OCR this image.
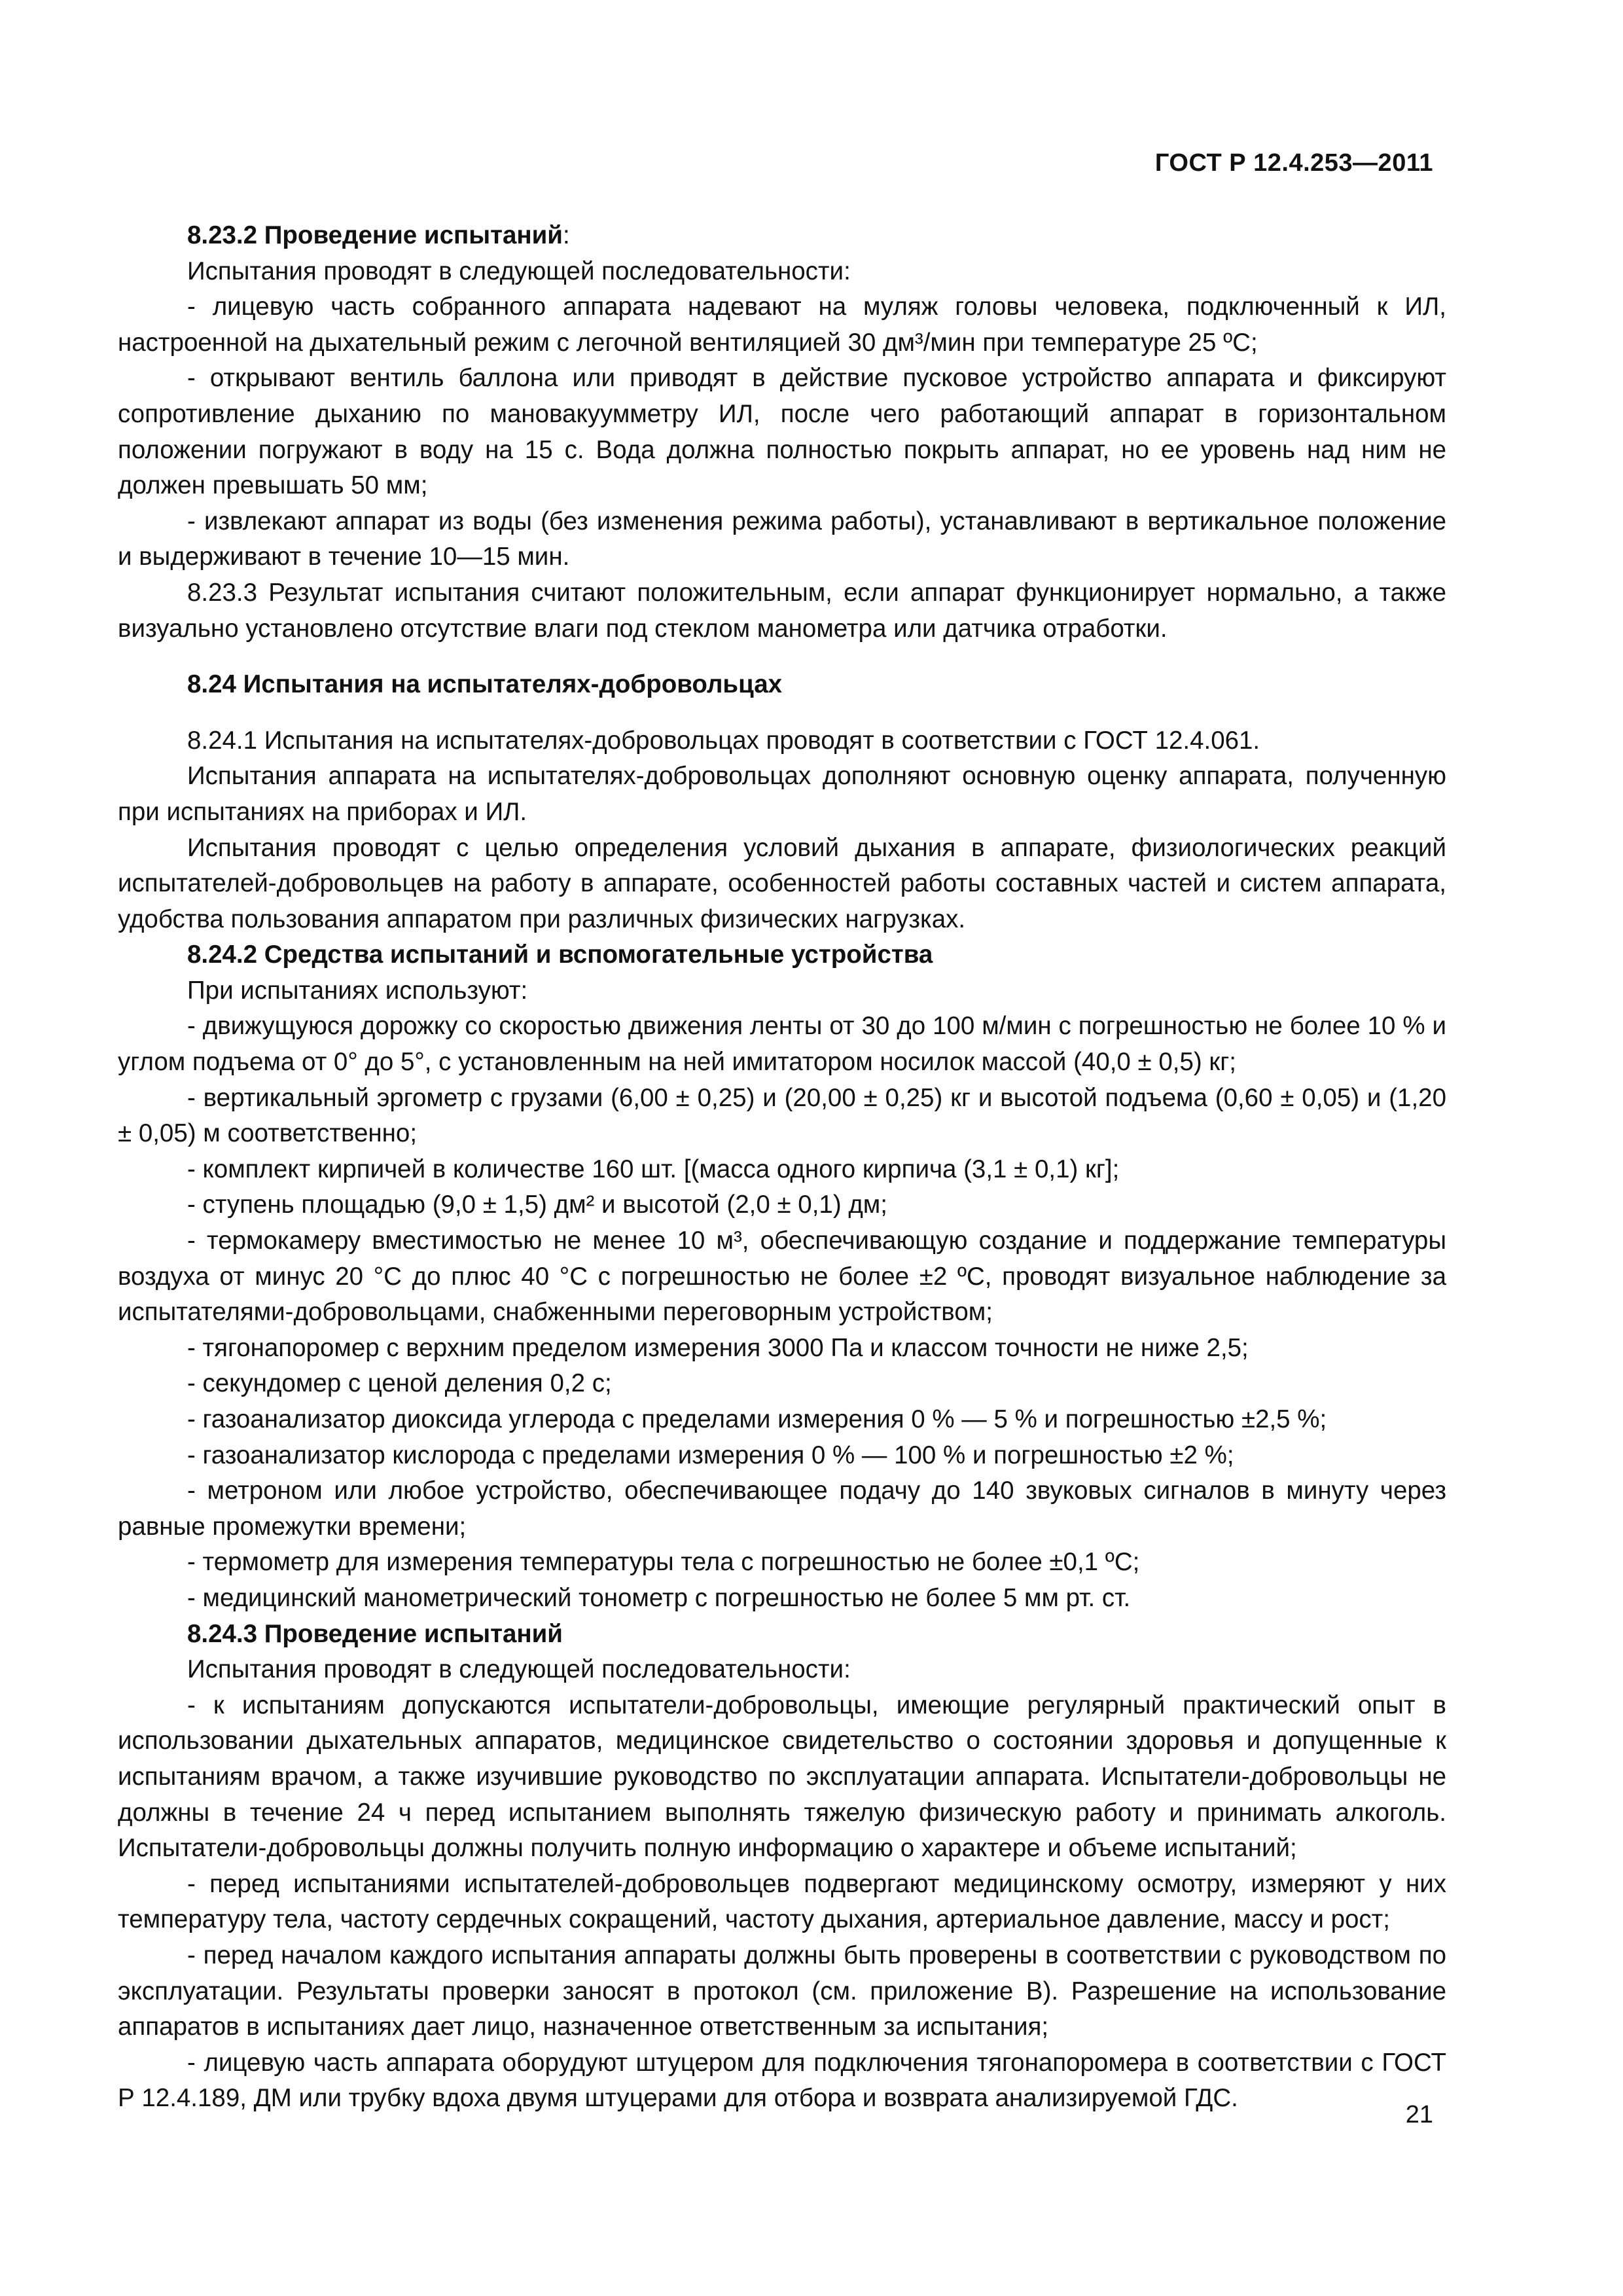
ГОСТ Р 12.4.253—2011

8.23.2 Проведение испытаний:

Испытания проводят в следующей последовательности:

- лицевую часть собранного аппарата надевают на муляж головы человека, подключенный к ИЛ, настроенной на дыхательный режим с легочной вентиляцией 30 дм³/мин при температуре 25 ºС;

- открывают вентиль баллона или приводят в действие пусковое устройство аппарата и фиксируют сопротивление дыханию по мановакуумметру ИЛ, после чего работающий аппарат в горизонтальном положении погружают в воду на 15 с. Вода должна полностью покрыть аппарат, но ее уровень над ним не должен превышать 50 мм;

- извлекают аппарат из воды (без изменения режима работы), устанавливают в вертикальное положение и выдерживают в течение 10—15 мин.

8.23.3 Результат испытания считают положительным, если аппарат функционирует нормально, а также визуально установлено отсутствие влаги под стеклом манометра или датчика отработки.

8.24 Испытания на испытателях-добровольцах

8.24.1 Испытания на испытателях-добровольцах проводят в соответствии с ГОСТ 12.4.061.

Испытания аппарата на испытателях-добровольцах дополняют основную оценку аппарата, полученную при испытаниях на приборах и ИЛ.

Испытания проводят с целью определения условий дыхания в аппарате, физиологических реакций испытателей-добровольцев на работу в аппарате, особенностей работы составных частей и систем аппарата, удобства пользования аппаратом при различных физических нагрузках.

8.24.2 Средства испытаний и вспомогательные устройства

При испытаниях используют:

- движущуюся дорожку со скоростью движения ленты от 30 до 100 м/мин с погрешностью не более 10 % и углом подъема от 0° до 5°, с установленным на ней имитатором носилок массой (40,0 ± 0,5) кг;

- вертикальный эргометр с грузами (6,00 ± 0,25) и (20,00 ± 0,25) кг и высотой подъема (0,60 ± 0,05) и (1,20 ± 0,05) м соответственно;

- комплект кирпичей в количестве 160 шт. [(масса одного кирпича (3,1 ± 0,1) кг];

- ступень площадью (9,0 ± 1,5) дм² и высотой (2,0 ± 0,1) дм;

- термокамеру вместимостью не менее 10 м³, обеспечивающую создание и поддержание температуры воздуха от минус 20 °С до плюс 40 °С с погрешностью не более ±2 ºС, проводят визуальное наблюдение за испытателями-добровольцами, снабженными переговорным устройством;

- тягонапоромер с верхним пределом измерения 3000 Па и классом точности не ниже 2,5;

- секундомер с ценой деления 0,2 с;

- газоанализатор диоксида углерода с пределами измерения 0 % — 5 % и погрешностью ±2,5 %;

- газоанализатор кислорода с пределами измерения 0 % — 100 % и погрешностью ±2 %;

- метроном или любое устройство, обеспечивающее подачу до 140 звуковых сигналов в минуту через равные промежутки времени;

- термометр для измерения температуры тела с погрешностью не более ±0,1 ºС;

- медицинский манометрический тонометр с погрешностью не более 5 мм рт. ст.

8.24.3 Проведение испытаний

Испытания проводят в следующей последовательности:

- к испытаниям допускаются испытатели-добровольцы, имеющие регулярный практический опыт в использовании дыхательных аппаратов, медицинское свидетельство о состоянии здоровья и допущенные к испытаниям врачом, а также изучившие руководство по эксплуатации аппарата. Испытатели-добровольцы не должны в течение 24 ч перед испытанием выполнять тяжелую физическую работу и принимать алкоголь. Испытатели-добровольцы должны получить полную информацию о характере и объеме испытаний;

- перед испытаниями испытателей-добровольцев подвергают медицинскому осмотру, измеряют у них температуру тела, частоту сердечных сокращений, частоту дыхания, артериальное давление, массу и рост;

- перед началом каждого испытания аппараты должны быть проверены в соответствии с руководством по эксплуатации. Результаты проверки заносят в протокол (см. приложение В). Разрешение на использование аппаратов в испытаниях дает лицо, назначенное ответственным за испытания;

- лицевую часть аппарата оборудуют штуцером для подключения тягонапоромера в соответствии с ГОСТ Р 12.4.189, ДМ или трубку вдоха двумя штуцерами для отбора и возврата анализируемой ГДС.

21
